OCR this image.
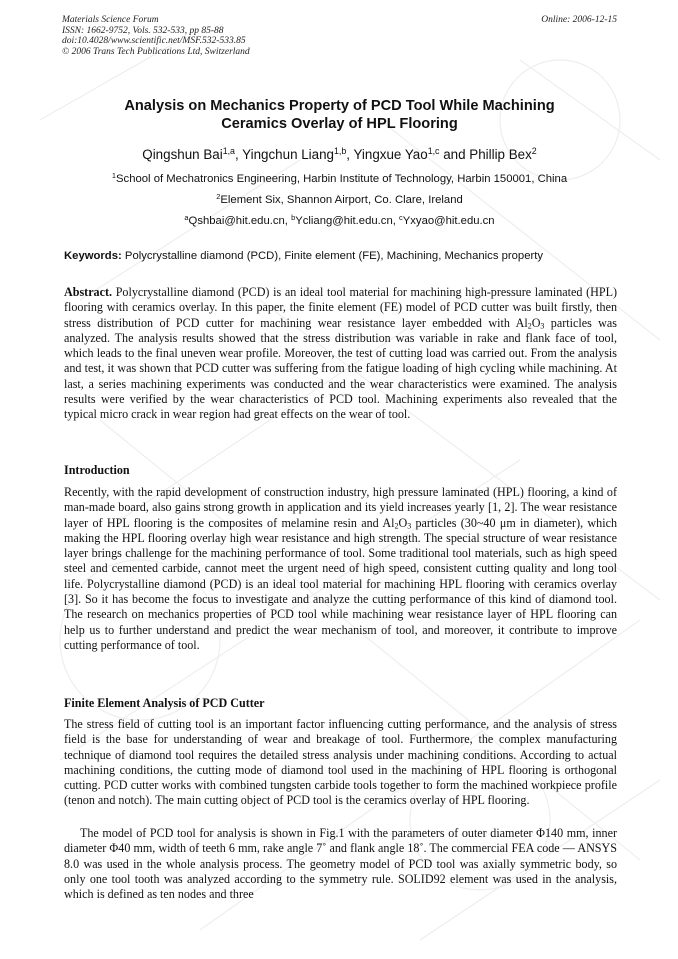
Materials Science Forum
ISSN: 1662-9752, Vols. 532-533, pp 85-88
doi:10.4028/www.scientific.net/MSF.532-533.85
© 2006 Trans Tech Publications Ltd, Switzerland
Online: 2006-12-15
Analysis on Mechanics Property of PCD Tool While Machining
Ceramics Overlay of HPL Flooring
Qingshun Bai$^{1,a}$, Yingchun Liang$^{1,b}$, Yingxue Yao$^{1,c}$ and Phillip Bex$^2$
$^1$School of Mechatronics Engineering, Harbin Institute of Technology, Harbin 150001, China
$^2$Element Six, Shannon Airport, Co. Clare, Ireland
$^a$Qshbai@hit.edu.cn, $^b$Ycliang@hit.edu.cn, $^c$Yxyao@hit.edu.cn
Keywords: Polycrystalline diamond (PCD), Finite element (FE), Machining, Mechanics property
Abstract. Polycrystalline diamond (PCD) is an ideal tool material for machining high-pressure laminated (HPL) flooring with ceramics overlay. In this paper, the finite element (FE) model of PCD cutter was built firstly, then stress distribution of PCD cutter for machining wear resistance layer embedded with $Al_2O_3$ particles was analyzed. The analysis results showed that the stress distribution was variable in rake and flank face of tool, which leads to the final uneven wear profile. Moreover, the test of cutting load was carried out. From the analysis and test, it was shown that PCD cutter was suffering from the fatigue loading of high cycling while machining. At last, a series machining experiments was conducted and the wear characteristics were examined. The analysis results were verified by the wear characteristics of PCD tool. Machining experiments also revealed that the typical micro crack in wear region had great effects on the wear of tool.
Introduction
Recently, with the rapid development of construction industry, high pressure laminated (HPL) flooring, a kind of man-made board, also gains strong growth in application and its yield increases yearly [1, 2]. The wear resistance layer of HPL flooring is the composites of melamine resin and $Al_2O_3$ particles (30~40 μm in diameter), which making the HPL flooring overlay high wear resistance and high strength. The special structure of wear resistance layer brings challenge for the machining performance of tool. Some traditional tool materials, such as high speed steel and cemented carbide, cannot meet the urgent need of high speed, consistent cutting quality and long tool life. Polycrystalline diamond (PCD) is an ideal tool material for machining HPL flooring with ceramics overlay [3]. So it has become the focus to investigate and analyze the cutting performance of this kind of diamond tool. The research on mechanics properties of PCD tool while machining wear resistance layer of HPL flooring can help us to further understand and predict the wear mechanism of tool, and moreover, it contribute to improve cutting performance of tool.
Finite Element Analysis of PCD Cutter
The stress field of cutting tool is an important factor influencing cutting performance, and the analysis of stress field is the base for understanding of wear and breakage of tool. Furthermore, the complex manufacturing technique of diamond tool requires the detailed stress analysis under machining conditions. According to actual machining conditions, the cutting mode of diamond tool used in the machining of HPL flooring is orthogonal cutting. PCD cutter works with combined tungsten carbide tools together to form the machined workpiece profile (tenon and notch). The main cutting object of PCD tool is the ceramics overlay of HPL flooring.
The model of PCD tool for analysis is shown in Fig.1 with the parameters of outer diameter Φ140 mm, inner diameter Φ40 mm, width of teeth 6 mm, rake angle 7˚ and flank angle 18˚. The commercial FEA code — ANSYS 8.0 was used in the whole analysis process. The geometry model of PCD tool was axially symmetric body, so only one tool tooth was analyzed according to the symmetry rule. SOLID92 element was used in the analysis, which is defined as ten nodes and three
